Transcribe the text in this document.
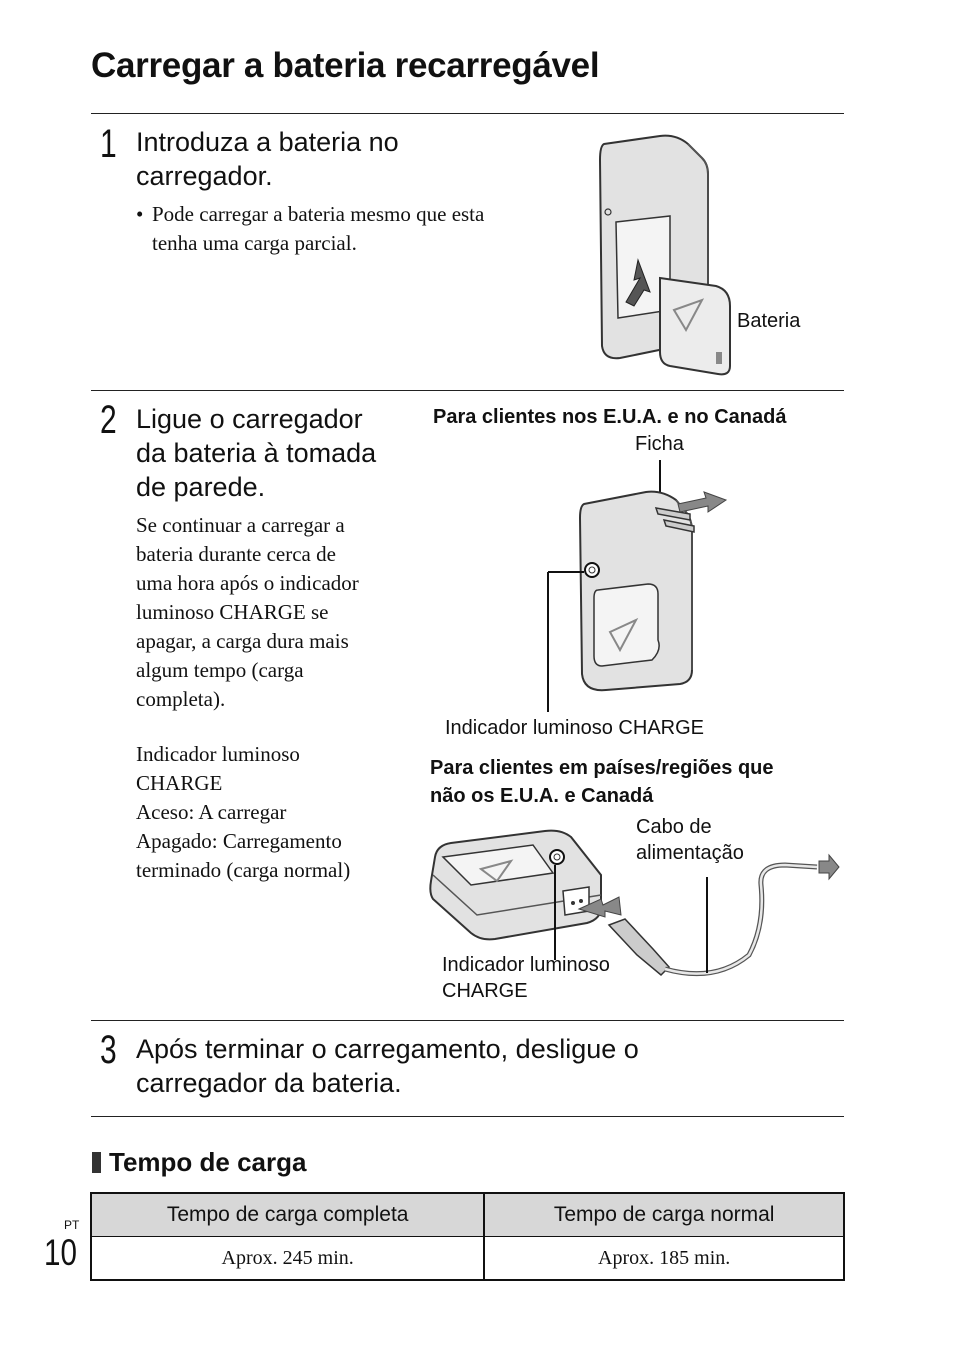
Carregar a bateria recarregável
1 Introduza a bateria no
carregador.
• Pode carregar a bateria mesmo que esta
tenha uma carga parcial.
Bateria
2 Ligue o carregador
da bateria à tomada
de parede.
Se continuar a carregar a
bateria durante cerca de
uma hora após o indicador
luminoso CHARGE se
apagar, a carga dura mais
algum tempo (carga
completa).
Indicador luminoso
CHARGE
Aceso: A carregar
Apagado: Carregamento
terminado (carga normal)
Para clientes nos E.U.A. e no Canadá
Ficha
Indicador luminoso CHARGE
Para clientes em países/regiões que
não os E.U.A. e Canadá
Cabo de
alimentação
Indicador luminoso
CHARGE
3 Após terminar o carregamento, desligue o
carregador da bateria.
Tempo de carga
Tempo de carga completa	Tempo de carga normal
Aprox. 245 min.	Aprox. 185 min.
PT
10
